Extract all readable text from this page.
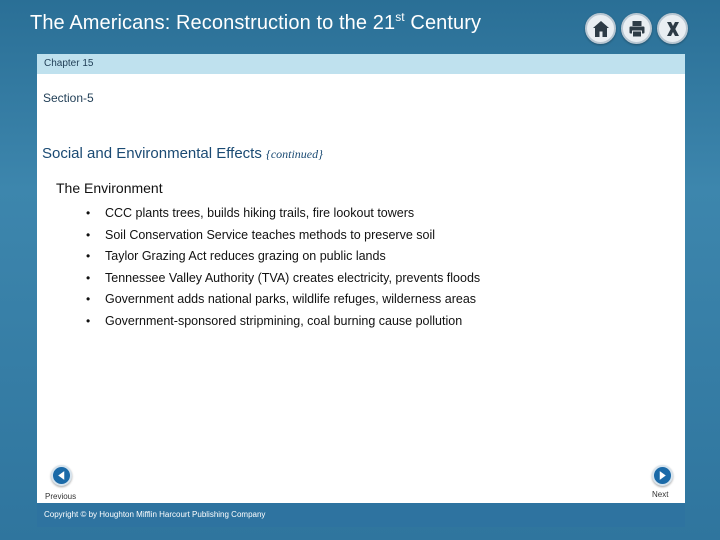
The Americans: Reconstruction to the 21st Century
Chapter 15
Section-5
Social and Environmental Effects {continued}
The Environment
• CCC plants trees, builds hiking trails, fire lookout towers
• Soil Conservation Service teaches methods to preserve soil
• Taylor Grazing Act reduces grazing on public lands
• Tennessee Valley Authority (TVA) creates electricity, prevents floods
• Government adds national parks, wildlife refuges, wilderness areas
• Government-sponsored stripmining, coal burning cause pollution
Previous	Next
Copyright © by Houghton Mifflin Harcourt Publishing Company
